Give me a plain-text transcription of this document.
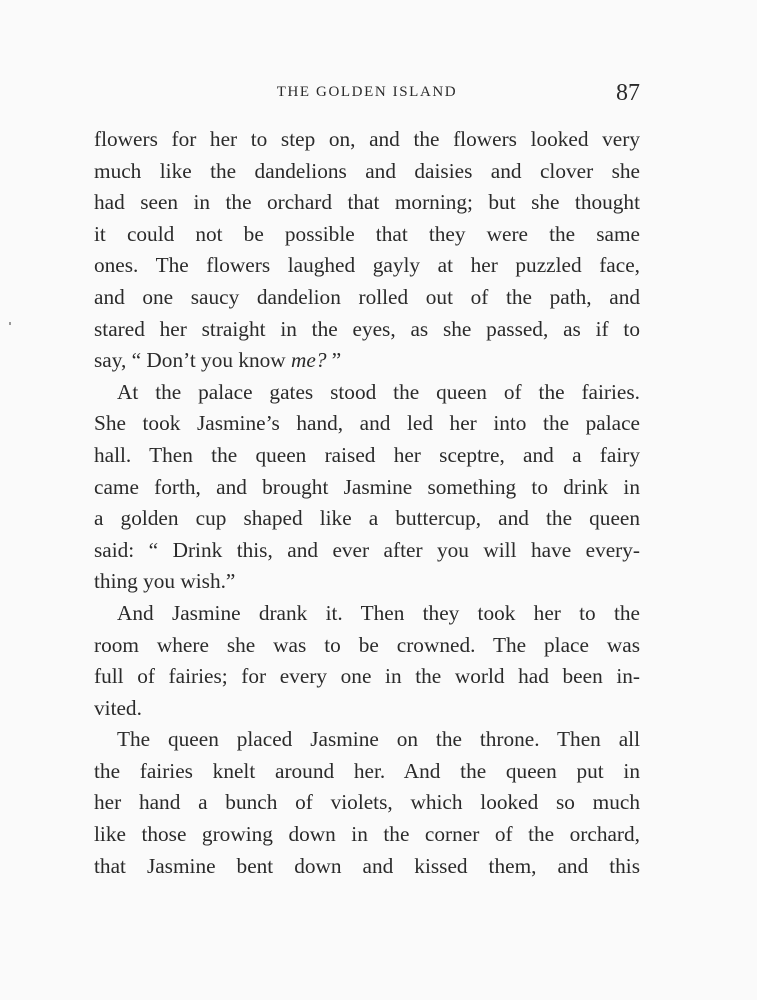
THE GOLDEN ISLAND	87
flowers for her to step on, and the flowers looked very
much like the dandelions and daisies and clover she
had seen in the orchard that morning; but she thought
it could not be possible that they were the same
ones. The flowers laughed gayly at her puzzled face,
and one saucy dandelion rolled out of the path, and
stared her straight in the eyes, as she passed, as if to
say, “ Don’t you know me? ”
At the palace gates stood the queen of the fairies.
She took Jasmine’s hand, and led her into the palace
hall. Then the queen raised her sceptre, and a fairy
came forth, and brought Jasmine something to drink in
a golden cup shaped like a buttercup, and the queen
said: “ Drink this, and ever after you will have every-
thing you wish.”
And Jasmine drank it. Then they took her to the
room where she was to be crowned. The place was
full of fairies; for every one in the world had been in-
vited.
The queen placed Jasmine on the throne. Then all
the fairies knelt around her. And the queen put in
her hand a bunch of violets, which looked so much
like those growing down in the corner of the orchard,
that Jasmine bent down and kissed them, and this
